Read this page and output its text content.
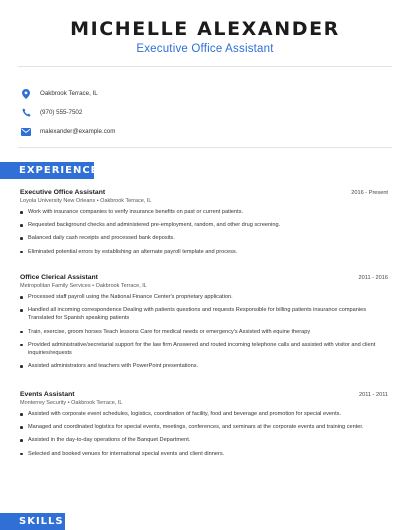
MICHELLE ALEXANDER
Executive Office Assistant
Oakbrook Terrace, IL
(970) 555-7502
malexander@example.com
EXPERIENCE
Executive Office Assistant	2016 - Present
Loyola University New Orleans • Oakbrook Terrace, IL
Work with insurance companies to verify insurance benefits on past or current patients.
Requested background checks and administered pre-employment, random, and other drug screening.
Balanced daily cash receipts and processed bank deposits.
Eliminated potential errors by establishing an alternate payroll template and process.
Office Clerical Assistant	2011 - 2016
Metropolitan Family Services • Oakbrook Terrace, IL
Processed staff payroll using the National Finance Center's proprietary application.
Handled all incoming correspondence Dealing with patients questions and requests Responsible for billing patients insurance companies Translated for Spanish speaking patients
Train, exercise, groom horses Teach lessons Care for medical needs or emergency's Assisted with equine therapy
Provided administrative/secretarial support for the law firm Answered and routed incoming telephone calls and assisted with visitor and client inquiries/requests
Assisted administrators and teachers with PowerPoint presentations.
Events Assistant	2011 - 2011
Monterrey Security • Oakbrook Terrace, IL
Assisted with corporate event schedules, logistics, coordination of facility, food and beverage and promotion for special events.
Managed and coordinated logistics for special events, meetings, conferences, and seminars at the corporate events and training center.
Assisted in the day-to-day operations of the Banquet Department.
Selected and booked venues for international special events and client dinners.
SKILLS
